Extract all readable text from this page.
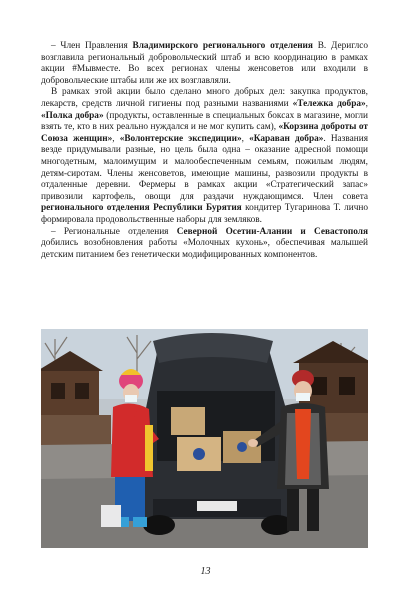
– Член Правления Владимирского регионального отделения В. Дериглсо возглавила региональный добровольческий штаб и всю координацию в рамках акции #Мывместе. Во всех регионах члены женсоветов или входили в добровольческие штабы или же их возглавляли.

В рамках этой акции было сделано много добрых дел: закупка продуктов, лекарств, средств личной гигиены под разными названиями «Тележка добра», «Полка добра» (продукты, оставленные в специальных боксах в магазине, могли взять те, кто в них реально нуждался и не мог купить сам), «Корзина доброты от Союза женщин», «Волонтерские экспедиции», «Караван добра». Названия везде придумывали разные, но цель была одна – оказание адресной помощи многодетным, малоимущим и малообеспеченным семьям, пожилым людям, детям-сиротам. Члены женсоветов, имеющие машины, развозили продукты в отдаленные деревни. Фермеры в рамках акции «Стратегический запас» привозили картофель, овощи для раздачи нуждающимся. Член совета регионального отделения Республики Бурятия кондитер Тугаринова Т. лично формировала продовольственные наборы для земляков.

– Региональные отделения Северной Осетии-Алании и Севастополя добились возобновления работы «Молочных кухонь», обеспечивая малышей детским питанием без генетически модифицированных компонентов.

13
